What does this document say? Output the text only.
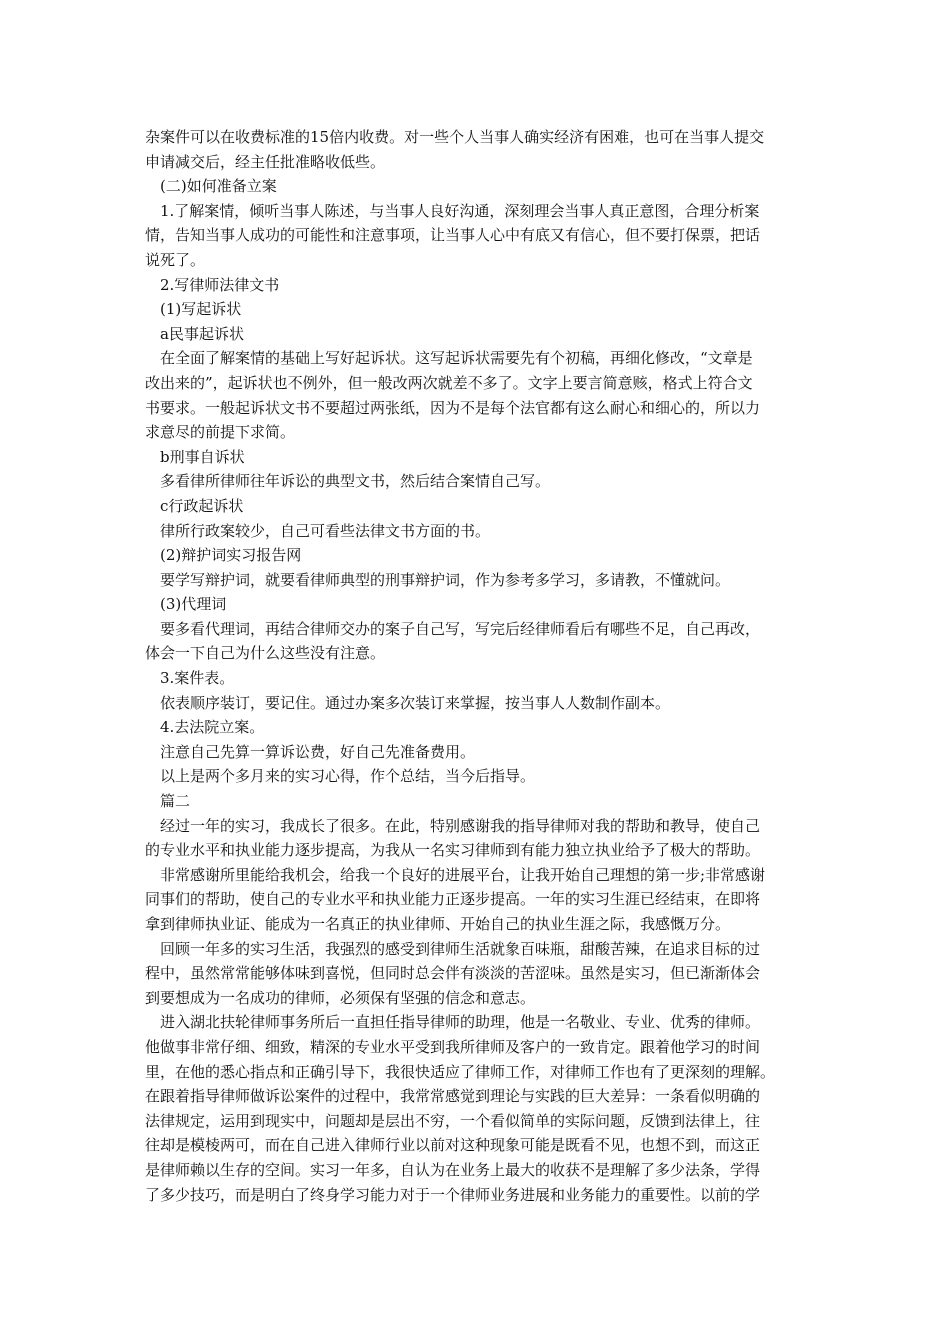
杂案件可以在收费标准的15倍内收费。对一些个人当事人确实经济有困难，也可在当事人提交
申请减交后，经主任批准略收低些。
(二)如何准备立案
1.了解案情，倾听当事人陈述，与当事人良好沟通，深刻理会当事人真正意图，合理分析案
情，告知当事人成功的可能性和注意事项，让当事人心中有底又有信心，但不要打保票，把话
说死了。
2.写律师法律文书
(1)写起诉状
a民事起诉状
在全面了解案情的基础上写好起诉状。这写起诉状需要先有个初稿，再细化修改，“文章是
改出来的”，起诉状也不例外，但一般改两次就差不多了。文字上要言简意赅，格式上符合文
书要求。一般起诉状文书不要超过两张纸，因为不是每个法官都有这么耐心和细心的，所以力
求意尽的前提下求简。
b刑事自诉状
多看律所律师往年诉讼的典型文书，然后结合案情自己写。
c行政起诉状
律所行政案较少，自己可看些法律文书方面的书。
(2)辩护词实习报告网
要学写辩护词，就要看律师典型的刑事辩护词，作为参考多学习，多请教，不懂就问。
(3)代理词
要多看代理词，再结合律师交办的案子自己写，写完后经律师看后有哪些不足，自己再改，
体会一下自己为什么这些没有注意。
3.案件表。
依表顺序装订，要记住。通过办案多次装订来掌握，按当事人人数制作副本。
4.去法院立案。
注意自己先算一算诉讼费，好自己先准备费用。
以上是两个多月来的实习心得，作个总结，当今后指导。
篇二
经过一年的实习，我成长了很多。在此，特别感谢我的指导律师对我的帮助和教导，使自己
的专业水平和执业能力逐步提高，为我从一名实习律师到有能力独立执业给予了极大的帮助。
非常感谢所里能给我机会，给我一个良好的进展平台，让我开始自己理想的第一步;非常感谢
同事们的帮助，使自己的专业水平和执业能力正逐步提高。一年的实习生涯已经结束，在即将
拿到律师执业证、能成为一名真正的执业律师、开始自己的执业生涯之际，我感慨万分。
回顾一年多的实习生活，我强烈的感受到律师生活就象百味瓶，甜酸苦辣，在追求目标的过
程中，虽然常常能够体味到喜悦，但同时总会伴有淡淡的苦涩味。虽然是实习，但已渐渐体会
到要想成为一名成功的律师，必须保有坚强的信念和意志。
进入湖北扶轮律师事务所后一直担任指导律师的助理，他是一名敬业、专业、优秀的律师。
他做事非常仔细、细致，精深的专业水平受到我所律师及客户的一致肯定。跟着他学习的时间
里，在他的悉心指点和正确引导下，我很快适应了律师工作，对律师工作也有了更深刻的理解。
在跟着指导律师做诉讼案件的过程中，我常常感觉到理论与实践的巨大差异：一条看似明确的
法律规定，运用到现实中，问题却是层出不穷，一个看似简单的实际问题，反馈到法律上，往
往却是模棱两可，而在自己进入律师行业以前对这种现象可能是既看不见，也想不到，而这正
是律师赖以生存的空间。实习一年多，自认为在业务上最大的收获不是理解了多少法条，学得
了多少技巧，而是明白了终身学习能力对于一个律师业务进展和业务能力的重要性。以前的学
